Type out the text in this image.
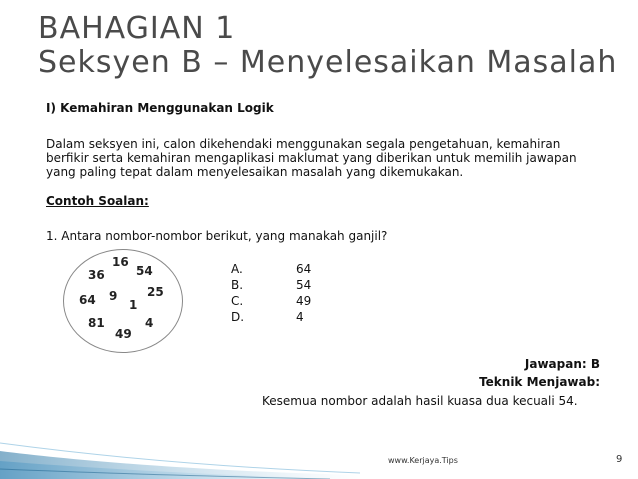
BAHAGIAN 1
Seksyen B – Menyelesaikan Masalah
I) Kemahiran Menggunakan Logik
Dalam seksyen ini, calon dikehendaki menggunakan segala pengetahuan, kemahiran berfikir serta kemahiran mengaplikasi maklumat yang diberikan untuk memilih jawapan yang paling tepat dalam menyelesaikan masalah yang dikemukakan.
Contoh Soalan:
1. Antara nombor-nombor berikut, yang manakah ganjil?
16
36	54
25
64 9
1
81	4
49
A.	64
B.	54
C.	49
D.	4
Jawapan: B
Teknik Menjawab:
Kesemua nombor adalah hasil kuasa dua kecuali 54.
www.Kerjaya.Tips	9
